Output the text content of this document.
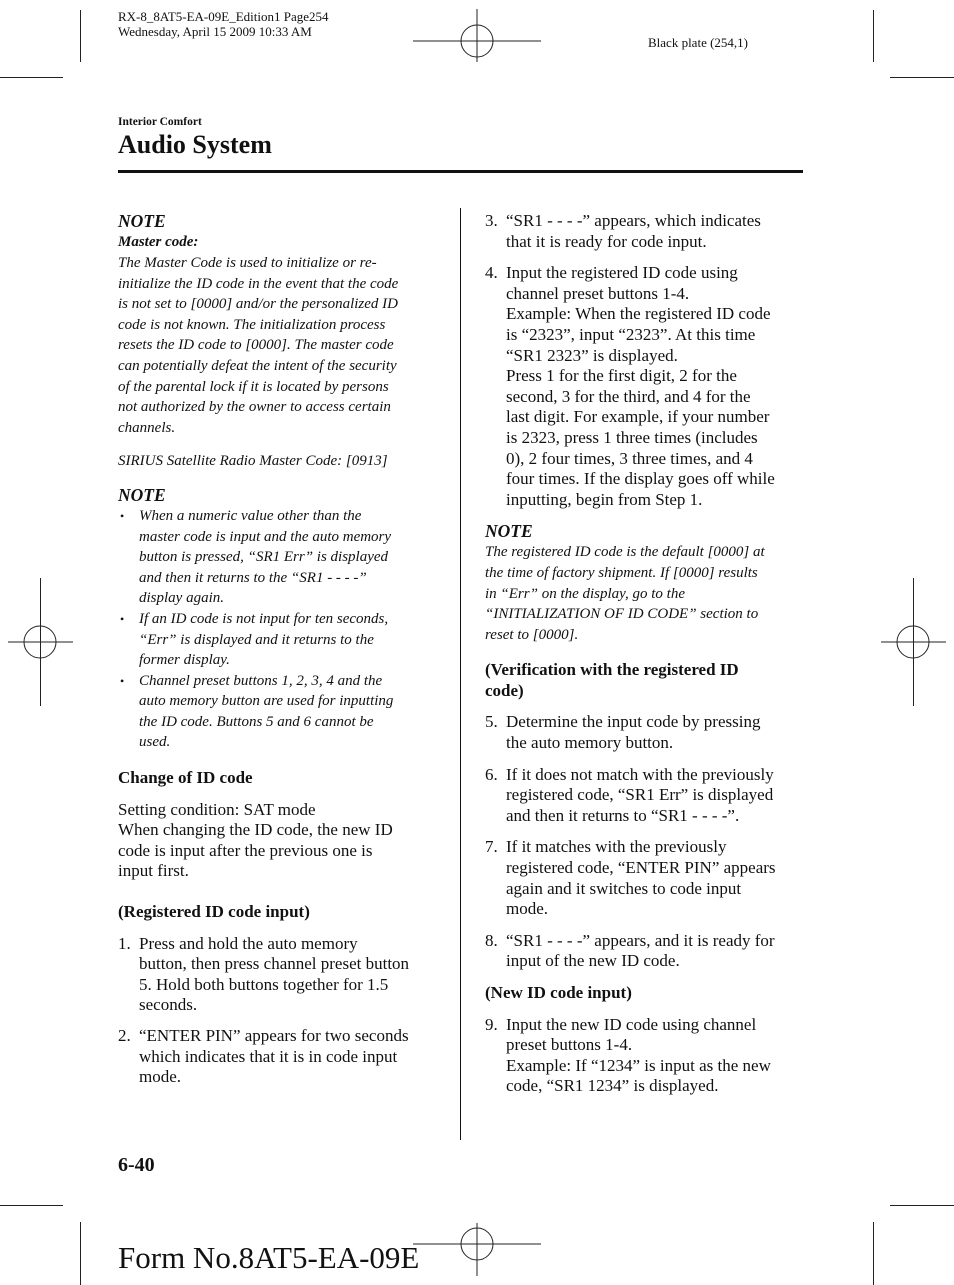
RX-8_8AT5-EA-09E_Edition1 Page254
Wednesday, April 15 2009 10:33 AM
Black plate (254,1)
Interior Comfort
Audio System
NOTE
Master code:
The Master Code is used to initialize or re-
initialize the ID code in the event that the code
is not set to [0000] and/or the personalized ID
code is not known. The initialization process
resets the ID code to [0000]. The master code
can potentially defeat the intent of the security
of the parental lock if it is located by persons
not authorized by the owner to access certain
channels.
SIRIUS Satellite Radio Master Code: [0913]
NOTE
• When a numeric value other than the
master code is input and the auto memory
button is pressed, “SR1 Err” is displayed
and then it returns to the “SR1 - - - -”
display again.
• If an ID code is not input for ten seconds,
“Err” is displayed and it returns to the
former display.
• Channel preset buttons 1, 2, 3, 4 and the
auto memory button are used for inputting
the ID code. Buttons 5 and 6 cannot be
used.
Change of ID code
Setting condition: SAT mode
When changing the ID code, the new ID
code is input after the previous one is
input first.
(Registered ID code input)
1. Press and hold the auto memory
button, then press channel preset button
5. Hold both buttons together for 1.5
seconds.
2. “ENTER PIN” appears for two seconds
which indicates that it is in code input
mode.
3. “SR1 - - - -” appears, which indicates
that it is ready for code input.
4. Input the registered ID code using
channel preset buttons 1-4.
Example: When the registered ID code
is “2323”, input “2323”. At this time
“SR1 2323” is displayed.
Press 1 for the first digit, 2 for the
second, 3 for the third, and 4 for the
last digit. For example, if your number
is 2323, press 1 three times (includes
0), 2 four times, 3 three times, and 4
four times. If the display goes off while
inputting, begin from Step 1.
NOTE
The registered ID code is the default [0000] at
the time of factory shipment. If [0000] results
in “Err” on the display, go to the
“INITIALIZATION OF ID CODE” section to
reset to [0000].
(Verification with the registered ID
code)
5. Determine the input code by pressing
the auto memory button.
6. If it does not match with the previously
registered code, “SR1 Err” is displayed
and then it returns to “SR1 - - - -”.
7. If it matches with the previously
registered code, “ENTER PIN” appears
again and it switches to code input
mode.
8. “SR1 - - - -” appears, and it is ready for
input of the new ID code.
(New ID code input)
9. Input the new ID code using channel
preset buttons 1-4.
Example: If “1234” is input as the new
code, “SR1 1234” is displayed.
6-40
Form No.8AT5-EA-09E
